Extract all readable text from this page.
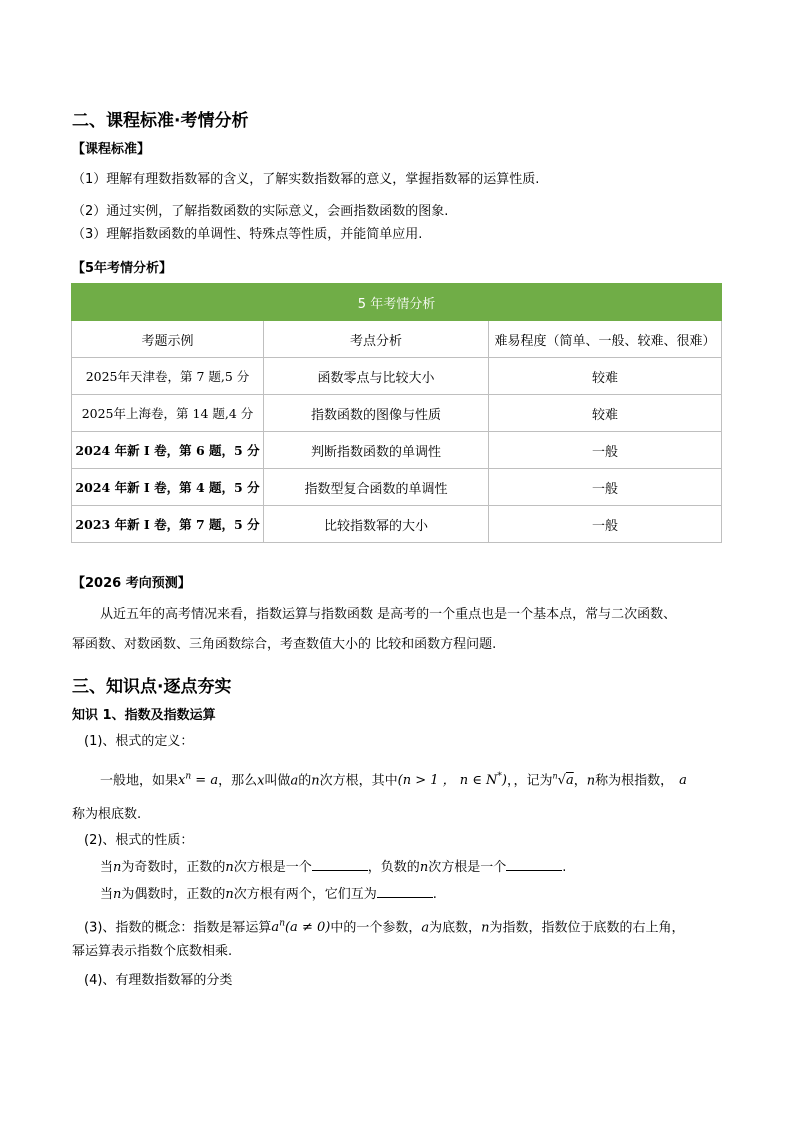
二、课程标准·考情分析
【课程标准】
（1）理解有理数指数幂的含义，了解实数指数幂的意义，掌握指数幂的运算性质.
（2）通过实例，了解指数函数的实际意义，会画指数函数的图象.
（3）理解指数函数的单调性、特殊点等性质，并能简单应用.
【5年考情分析】
5 年考情分析		
考题示例	考点分析	难易程度（简单、一般、较难、很难）
2025年天津卷，第 7 题,5 分	函数零点与比较大小	较难
2025年上海卷，第 14 题,4 分	指数函数的图像与性质	较难
2024 年新 I 卷，第 6 题，5 分	判断指数函数的单调性	一般
2024 年新 I 卷，第 4 题，5 分	指数型复合函数的单调性	一般
2023 年新 I 卷，第 7 题，5 分	比较指数幂的大小	一般
【2026 考向预测】
从近五年的高考情况来看，指数运算与指数函数 是高考的一个重点也是一个基本点，常与二次函数、
幂函数、对数函数、三角函数综合，考查数值大小的 比较和函数方程问题.
三、知识点·逐点夯实
知识 1、指数及指数运算
(1)、根式的定义：
一般地，如果$x^n = a$，那么x叫做a的n次方根，其中(n > 1 ， n ∈ N*)，，记为$^n$√a，n称为根指数， a
称为根底数.
(2)、根式的性质：
当n为奇数时，正数的n次方根是一个	，负数的n次方根是一个	.
当n为偶数时，正数的n次方根有两个，它们互为	.
(3)、指数的概念：指数是幂运算$a^n(a \ne 0)$中的一个参数，a为底数，n为指数，指数位于底数的右上角，
幂运算表示指数个底数相乘.
(4)、有理数指数幂的分类
